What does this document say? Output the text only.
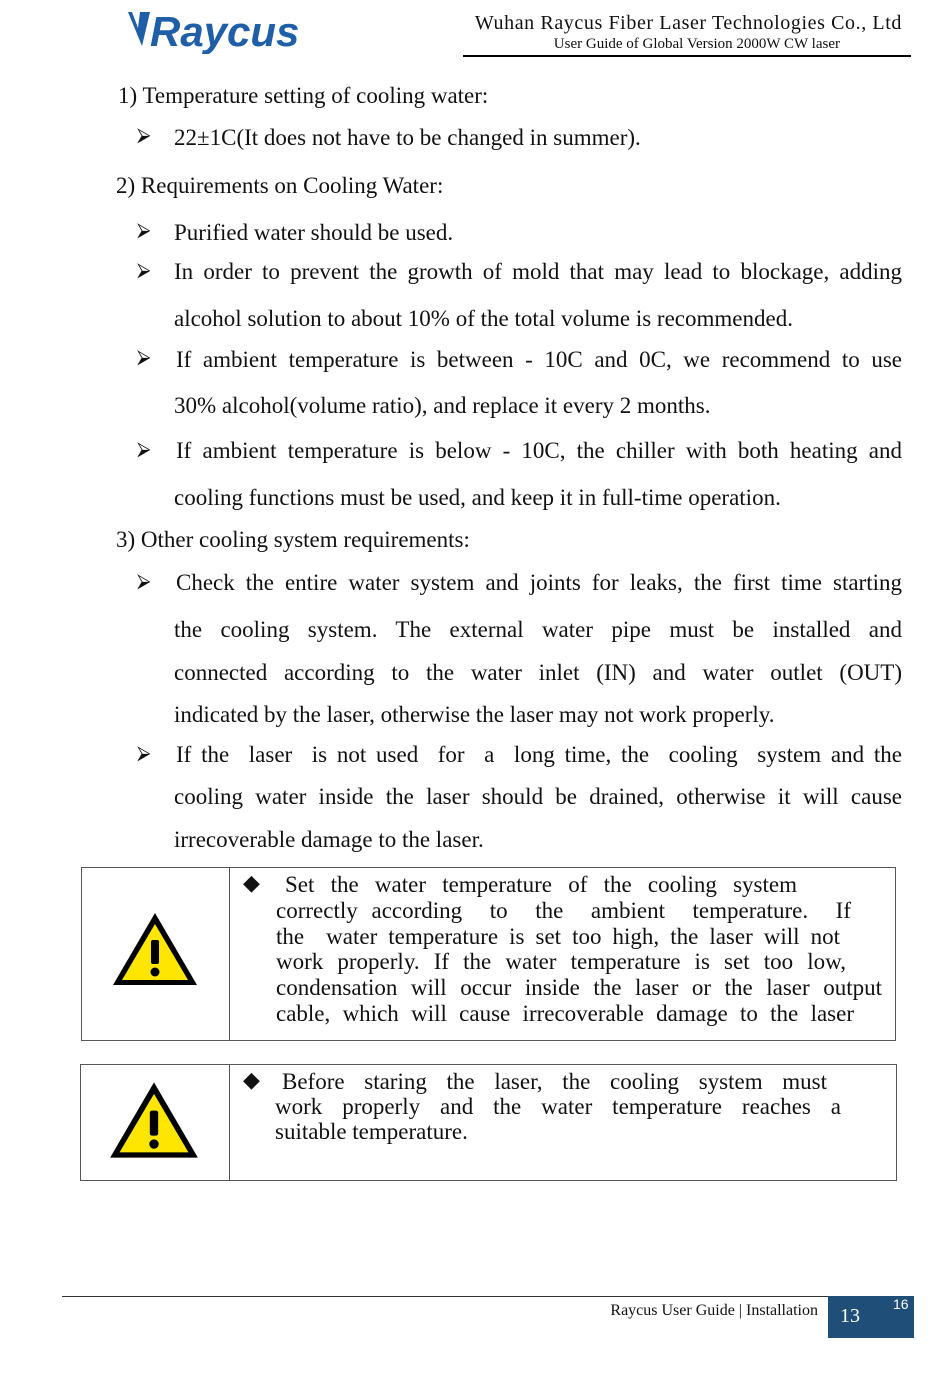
Raycus	Wuhan Raycus Fiber Laser Technologies Co., Ltd
User Guide of Global Version 2000W CW laser
1) Temperature setting of cooling water:
⮚ 22±1C(It does not have to be changed in summer).
2) Requirements on Cooling Water:
⮚ Purified water should be used.
⮚ In order to prevent the growth of mold that may lead to blockage, adding
alcohol solution to about 10% of the total volume is recommended.
⮚ If ambient temperature is between - 10C and 0C, we recommend to use
30% alcohol(volume ratio), and replace it every 2 months.
⮚ If ambient temperature is below - 10C, the chiller with both heating and
cooling functions must be used, and keep it in full-time operation.
3) Other cooling system requirements:
⮚ Check the entire water system and joints for leaks, the first time starting
the cooling system. The external water pipe must be installed and
connected according to the water inlet (IN) and water outlet (OUT)
indicated by the laser, otherwise the laser may not work properly.
⮚ If the  laser  is not used  for  a  long time, the  cooling  system and the
cooling water inside the laser should be drained, otherwise it will cause
irrecoverable damage to the laser.
◆	Set the water temperature of the cooling system
correctly according  to  the  ambient  temperature.  If
the  water temperature is set too high, the laser will not
work properly. If the water temperature is set too low,
condensation will occur inside the laser or the laser output
cable, which will cause irrecoverable damage to the laser
◆ Before staring the laser, the cooling system must
work properly and the water temperature reaches a
suitable temperature.
Raycus User Guide | Installation 13
16
